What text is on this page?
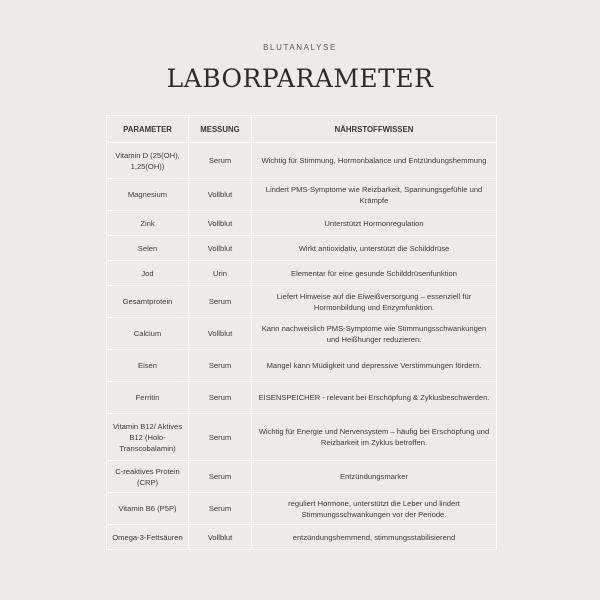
BLUTANALYSE
LABORPARAMETER
PARAMETER	MESSUNG	NÄHRSTOFFWISSEN
Vitamin D (25(OH), 1,25(OH))	Serum	Wichtig für Stimmung, Hormonbalance und Entzündungshemmung
Magnesium	Vollblut	Lindert PMS-Symptome wie Reizbarkeit, Spannungsgefühle und Krämpfe
Zink	Vollblut	Unterstützt Hormonregulation
Selen	Vollblut	Wirkt antioxidativ, unterstützt die Schilddrüse
Jod	Urin	Elementar für eine gesunde Schilddrüsenfunktion
Gesamtprotein	Serum	Liefert Hinweise auf die Eiweißversorgung – essenziell für Hormonbildung und Enzymfunktion.
Calcium	Vollblut	Kann nachweislich PMS-Symptome wie Stimmungsschwankungen und Heißhunger reduzieren.
Eisen	Serum	Mangel kann Müdigkeit und depressive Verstimmungen fördern.
Ferritin	Serum	EISENSPEICHER - relevant bei Erschöpfung & Zyklusbeschwerden.
Vitamin B12/ Aktives B12 (Holo-Transcobalamin)	Serum	Wichtig für Energie und Nervensystem – häufig bei Erschöpfung und Reizbarkeit im Zyklus betroffen.
C-reaktives Protein (CRP)	Serum	Entzündungsmarker
Vitamin B6 (P5P)	Serum	reguliert Hormone, unterstützt die Leber und lindert Stimmungsschwankungen vor der Periode.
Omega-3-Fettsäuren	Vollblut	entzündungshemmend, stimmungsstabilisierend
